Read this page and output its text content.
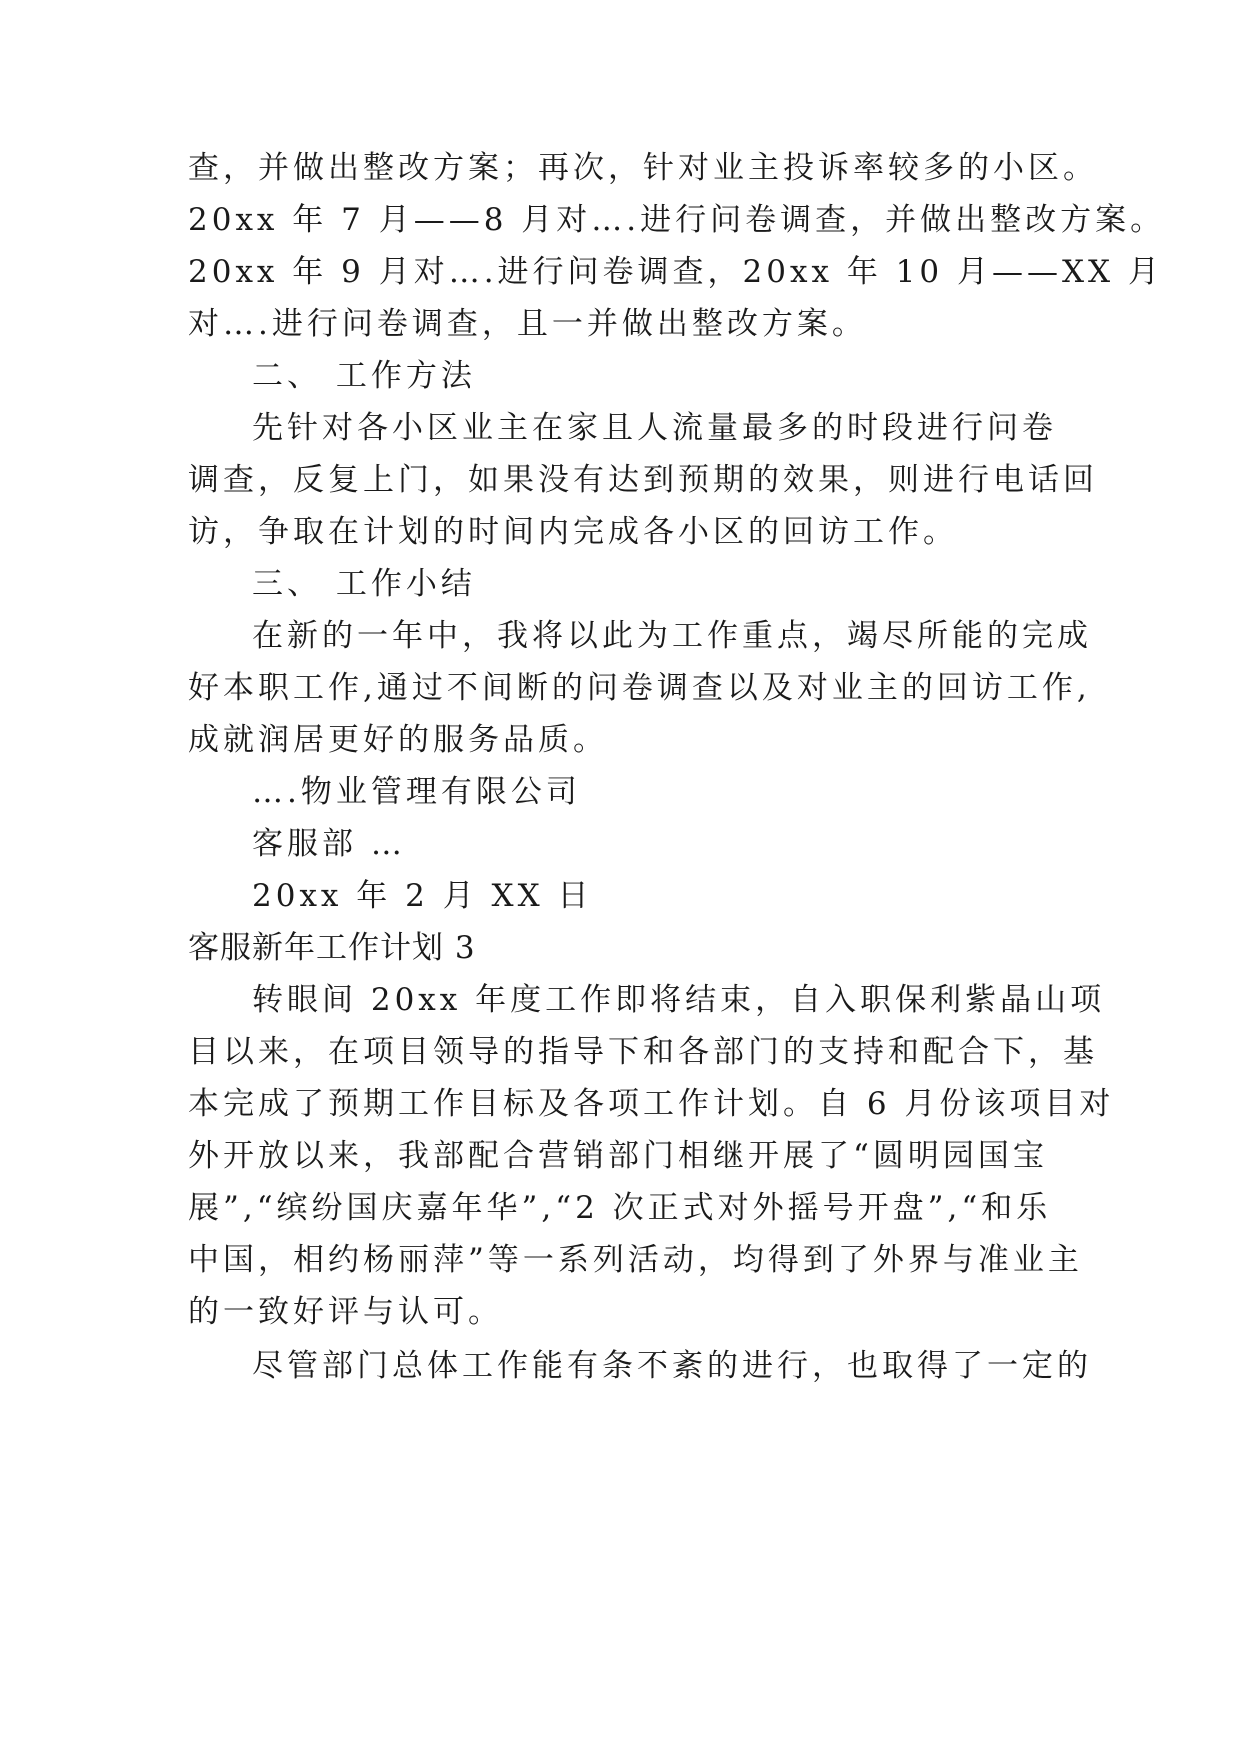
查，并做出整改方案；再次，针对业主投诉率较多的小区。

20xx 年 7 月——8 月对….进行问卷调查，并做出整改方案。

20xx 年 9 月对….进行问卷调查，20xx 年 10 月——XX 月

对….进行问卷调查，且一并做出整改方案。

二、 工作方法

先针对各小区业主在家且人流量最多的时段进行问卷

调查，反复上门，如果没有达到预期的效果，则进行电话回

访，争取在计划的时间内完成各小区的回访工作。

三、 工作小结

在新的一年中，我将以此为工作重点，竭尽所能的完成

好本职工作,通过不间断的问卷调查以及对业主的回访工作,

成就润居更好的服务品质。

….物业管理有限公司

客服部 …

20xx 年 2 月 XX 日

客服新年工作计划 3

转眼间 20xx 年度工作即将结束，自入职保利紫晶山项

目以来，在项目领导的指导下和各部门的支持和配合下，基

本完成了预期工作目标及各项工作计划。自 6 月份该项目对

外开放以来，我部配合营销部门相继开展了“圆明园国宝

展”,“缤纷国庆嘉年华”,“2 次正式对外摇号开盘”,“和乐

中国，相约杨丽萍”等一系列活动，均得到了外界与准业主

的一致好评与认可。

尽管部门总体工作能有条不紊的进行，也取得了一定的
